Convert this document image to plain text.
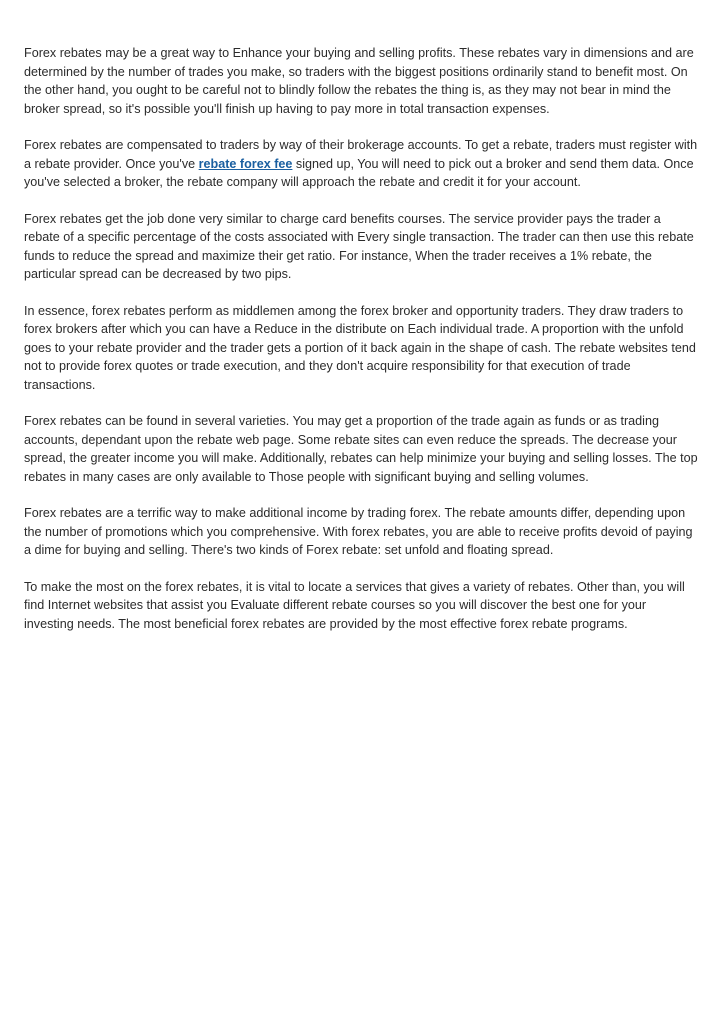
Forex rebates may be a great way to Enhance your buying and selling profits. These rebates vary in dimensions and are determined by the number of trades you make, so traders with the biggest positions ordinarily stand to benefit most. On the other hand, you ought to be careful not to blindly follow the rebates the thing is, as they may not bear in mind the broker spread, so it's possible you'll finish up having to pay more in total transaction expenses.

Forex rebates are compensated to traders by way of their brokerage accounts. To get a rebate, traders must register with a rebate provider. Once you've rebate forex fee signed up, You will need to pick out a broker and send them data. Once you've selected a broker, the rebate company will approach the rebate and credit it for your account.

Forex rebates get the job done very similar to charge card benefits courses. The service provider pays the trader a rebate of a specific percentage of the costs associated with Every single transaction. The trader can then use this rebate funds to reduce the spread and maximize their get ratio. For instance, When the trader receives a 1% rebate, the particular spread can be decreased by two pips.

In essence, forex rebates perform as middlemen among the forex broker and opportunity traders. They draw traders to forex brokers after which you can have a Reduce in the distribute on Each individual trade. A proportion with the unfold goes to your rebate provider and the trader gets a portion of it back again in the shape of cash. The rebate websites tend not to provide forex quotes or trade execution, and they don't acquire responsibility for that execution of trade transactions.

Forex rebates can be found in several varieties. You may get a proportion of the trade again as funds or as trading accounts, dependant upon the rebate web page. Some rebate sites can even reduce the spreads. The decrease your spread, the greater income you will make. Additionally, rebates can help minimize your buying and selling losses. The top rebates in many cases are only available to Those people with significant buying and selling volumes.

Forex rebates are a terrific way to make additional income by trading forex. The rebate amounts differ, depending upon the number of promotions which you comprehensive. With forex rebates, you are able to receive profits devoid of paying a dime for buying and selling. There's two kinds of Forex rebate: set unfold and floating spread.

To make the most on the forex rebates, it is vital to locate a services that gives a variety of rebates. Other than, you will find Internet websites that assist you Evaluate different rebate courses so you will discover the best one for your investing needs. The most beneficial forex rebates are provided by the most effective forex rebate programs.
